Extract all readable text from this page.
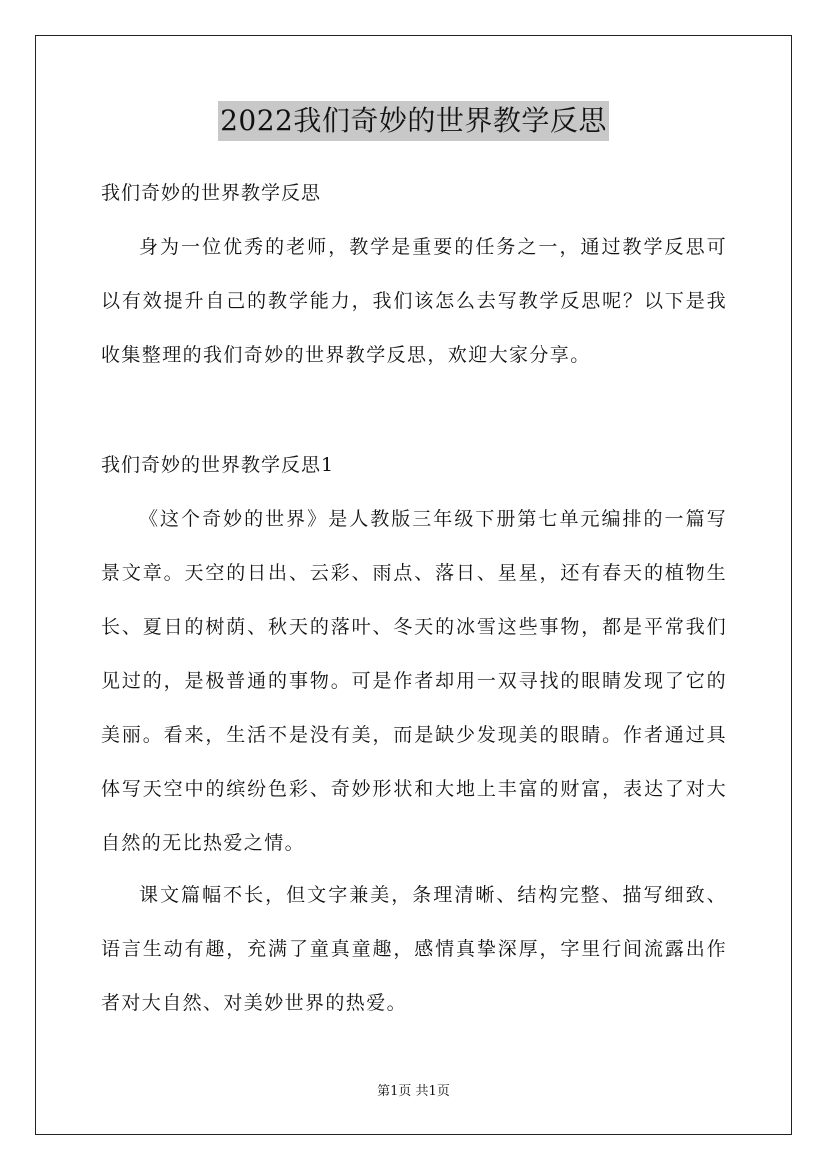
2022我们奇妙的世界教学反思
我们奇妙的世界教学反思

身为一位优秀的老师，教学是重要的任务之一，通过教学反思可以有效提升自己的教学能力，我们该怎么去写教学反思呢？以下是我收集整理的我们奇妙的世界教学反思，欢迎大家分享。

我们奇妙的世界教学反思1

《这个奇妙的世界》是人教版三年级下册第七单元编排的一篇写景文章。天空的日出、云彩、雨点、落日、星星，还有春天的植物生长、夏日的树荫、秋天的落叶、冬天的冰雪这些事物，都是平常我们见过的，是极普通的事物。可是作者却用一双寻找的眼睛发现了它的美丽。看来，生活不是没有美，而是缺少发现美的眼睛。作者通过具体写天空中的缤纷色彩、奇妙形状和大地上丰富的财富，表达了对大自然的无比热爱之情。

课文篇幅不长，但文字兼美，条理清晰、结构完整、描写细致、语言生动有趣，充满了童真童趣，感情真挚深厚，字里行间流露出作者对大自然、对美妙世界的热爱。

第1页 共1页
